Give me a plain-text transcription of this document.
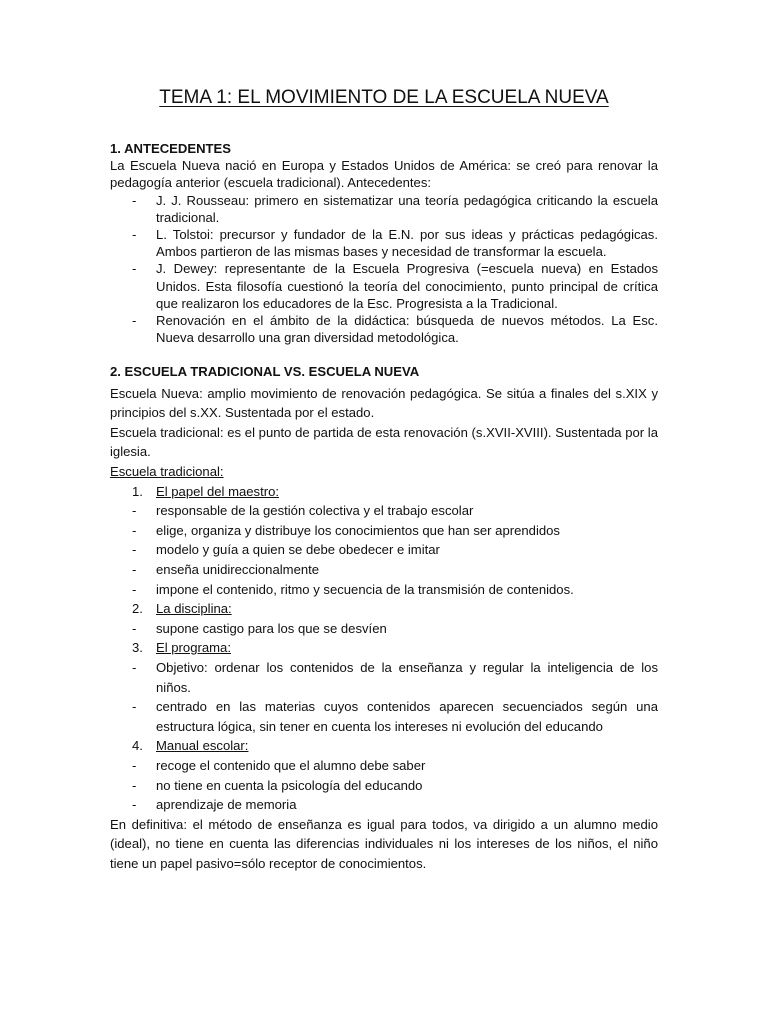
TEMA 1: EL MOVIMIENTO DE LA ESCUELA NUEVA
1. ANTECEDENTES
La Escuela Nueva nació en Europa y Estados Unidos de América: se creó para renovar la pedagogía anterior (escuela tradicional). Antecedentes:
- J. J. Rousseau: primero en sistematizar una teoría pedagógica criticando la escuela tradicional.
- L. Tolstoi: precursor y fundador de la E.N. por sus ideas y prácticas pedagógicas. Ambos partieron de las mismas bases y necesidad de transformar la escuela.
- J. Dewey: representante de la Escuela Progresiva (=escuela nueva) en Estados Unidos. Esta filosofía cuestionó la teoría del conocimiento, punto principal de crítica que realizaron los educadores de la Esc. Progresista a la Tradicional.
- Renovación en el ámbito de la didáctica: búsqueda de nuevos métodos. La Esc. Nueva desarrollo una gran diversidad metodológica.
2. ESCUELA TRADICIONAL VS. ESCUELA NUEVA
Escuela Nueva: amplio movimiento de renovación pedagógica. Se sitúa a finales del s.XIX y principios del s.XX. Sustentada por el estado.
Escuela tradicional: es el punto de partida de esta renovación (s.XVII-XVIII). Sustentada por la iglesia.
Escuela tradicional:
1. El papel del maestro:
- responsable de la gestión colectiva y el trabajo escolar
- elige, organiza y distribuye los conocimientos que han ser aprendidos
- modelo y guía a quien se debe obedecer e imitar
- enseña unidireccionalmente
- impone el contenido, ritmo y secuencia de la transmisión de contenidos.
2. La disciplina:
- supone castigo para los que se desvíen
3. El programa:
- Objetivo: ordenar los contenidos de la enseñanza y regular la inteligencia de los niños.
- centrado en las materias cuyos contenidos aparecen secuenciados según una estructura lógica, sin tener en cuenta los intereses ni evolución del educando
4. Manual escolar:
- recoge el contenido que el alumno debe saber
- no tiene en cuenta la psicología del educando
- aprendizaje de memoria
En definitiva: el método de enseñanza es igual para todos, va dirigido a un alumno medio (ideal), no tiene en cuenta las diferencias individuales ni los intereses de los niños, el niño tiene un papel pasivo=sólo receptor de conocimientos.
